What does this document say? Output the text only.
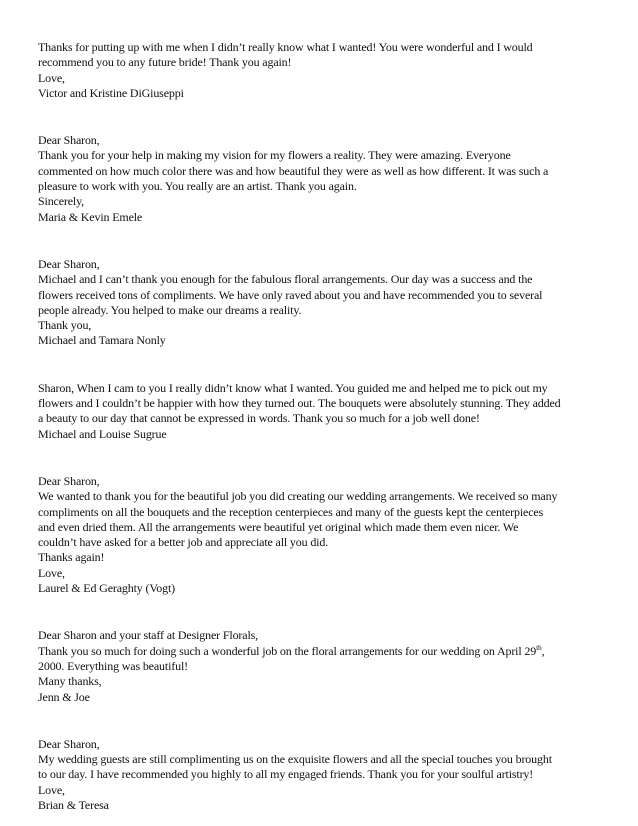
Thanks for putting up with me when I didn’t really know what I wanted! You were wonderful and I would
recommend you to any future bride! Thank you again!
Love,
Victor and Kristine DiGiuseppi
Dear Sharon,
Thank you for your help in making my vision for my flowers a reality. They were amazing. Everyone
commented on how much color there was and how beautiful they were as well as how different. It was such a
pleasure to work with you. You really are an artist. Thank you again.
Sincerely,
Maria & Kevin Emele
Dear Sharon,
Michael and I can’t thank you enough for the fabulous floral arrangements. Our day was a success and the
flowers received tons of compliments. We have only raved about you and have recommended you to several
people already. You helped to make our dreams a reality.
Thank you,
Michael and Tamara Nonly
Sharon, When I cam to you I really didn’t know what I wanted. You guided me and helped me to pick out my
flowers and I couldn’t be happier with how they turned out. The bouquets were absolutely stunning. They added
a beauty to our day that cannot be expressed in words. Thank you so much for a job well done!
Michael and Louise Sugrue
Dear Sharon,
We wanted to thank you for the beautiful job you did creating our wedding arrangements. We received so many
compliments on all the bouquets and the reception centerpieces and many of the guests kept the centerpieces
and even dried them. All the arrangements were beautiful yet original which made them even nicer. We
couldn’t have asked for a better job and appreciate all you did.
Thanks again!
Love,
Laurel & Ed Geraghty (Vogt)
Dear Sharon and your staff at Designer Florals,
Thank you so much for doing such a wonderful job on the floral arrangements for our wedding on April 29th,
2000. Everything was beautiful!
Many thanks,
Jenn & Joe
Dear Sharon,
My wedding guests are still complimenting us on the exquisite flowers and all the special touches you brought
to our day. I have recommended you highly to all my engaged friends. Thank you for your soulful artistry!
Love,
Brian & Teresa
